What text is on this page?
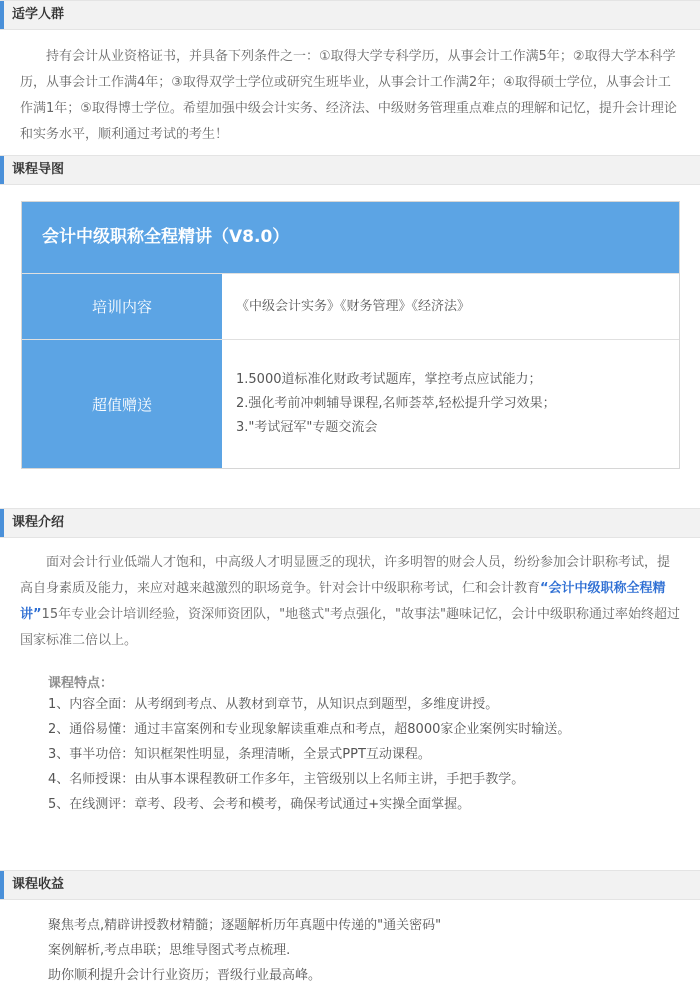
适学人群

持有会计从业资格证书，并具备下列条件之一：①取得大学专科学历，从事会计工作满5年；②取得大学本科学历，从事会计工作满4年；③取得双学士学位或研究生班毕业，从事会计工作满2年；④取得硕士学位，从事会计工作满1年；⑤取得博士学位。希望加强中级会计实务、经济法、中级财务管理重点难点的理解和记忆，提升会计理论和实务水平，顺利通过考试的考生！

课程导图
会计中级职称全程精讲（V8.0）
培训内容	《中级会计实务》《财务管理》《经济法》
超值赠送
1.5000道标准化财政考试题库，掌控考点应试能力；
2.强化考前冲刺辅导课程,名师荟萃,轻松提升学习效果；
3."考试冠军"专题交流会
课程介绍

面对会计行业低端人才饱和，中高级人才明显匮乏的现状，许多明智的财会人员，纷纷参加会计职称考试，提高自身素质及能力，来应对越来越激烈的职场竟争。针对会计中级职称考试，仁和会计教育“会计中级职称全程精讲”15年专业会计培训经验，资深师资团队，"地毯式"考点强化，"故事法"趣味记忆，会计中级职称通过率始终超过国家标准二倍以上。

课程特点：
1、内容全面：从考纲到考点、从教材到章节，从知识点到题型，多维度讲授。
2、通俗易懂：通过丰富案例和专业现象解读重难点和考点，超8000家企业案例实时输送。
3、事半功倍：知识框架性明显，条理清晰，全景式PPT互动课程。
4、名师授课：由从事本课程教研工作多年，主管级别以上名师主讲，手把手教学。
5、在线测评：章考、段考、会考和模考，确保考试通过+实操全面掌握。
课程收益
聚焦考点,精辟讲授教材精髓；逐题解析历年真题中传递的"通关密码"
案例解析,考点串联；思维导图式考点梳理.
助你顺利提升会计行业资历；晋级行业最高峰。
